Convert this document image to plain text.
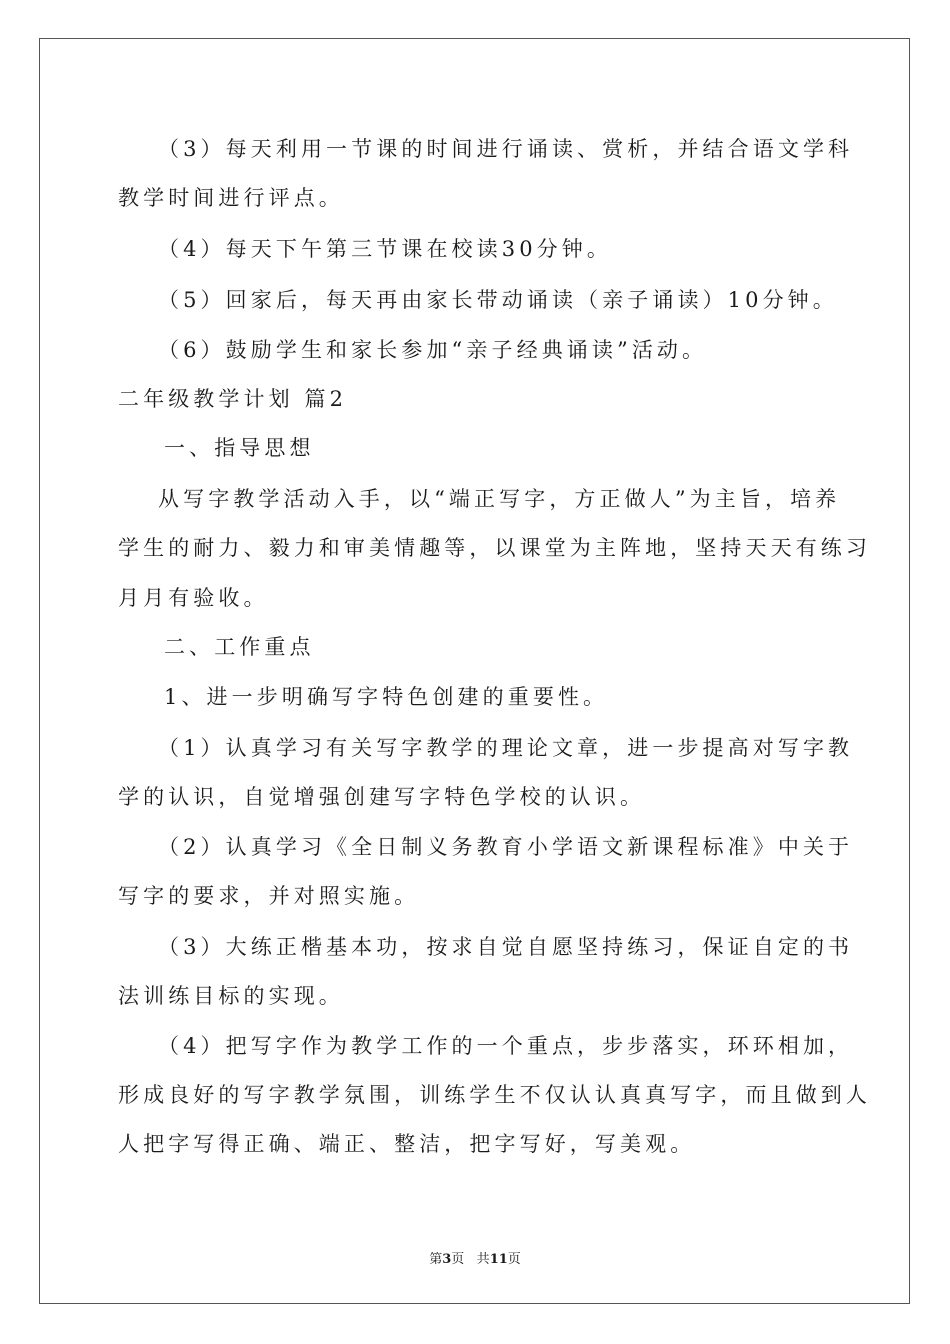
（3）每天利用一节课的时间进行诵读、赏析，并结合语文学科
教学时间进行评点。
（4）每天下午第三节课在校读30分钟。
（5）回家后，每天再由家长带动诵读（亲子诵读）10分钟。
（6）鼓励学生和家长参加“亲子经典诵读”活动。
二年级教学计划 篇2
一、指导思想
从写字教学活动入手，以“端正写字，方正做人”为主旨，培养
学生的耐力、毅力和审美情趣等，以课堂为主阵地，坚持天天有练习
月月有验收。
二、工作重点
1、进一步明确写字特色创建的重要性。
（1）认真学习有关写字教学的理论文章，进一步提高对写字教
学的认识，自觉增强创建写字特色学校的认识。
（2）认真学习《全日制义务教育小学语文新课程标准》中关于
写字的要求，并对照实施。
（3）大练正楷基本功，按求自觉自愿坚持练习，保证自定的书
法训练目标的实现。
（4）把写字作为教学工作的一个重点，步步落实，环环相加，
形成良好的写字教学氛围，训练学生不仅认认真真写字，而且做到人
人把字写得正确、端正、整洁，把字写好，写美观。
第3页 共11页
